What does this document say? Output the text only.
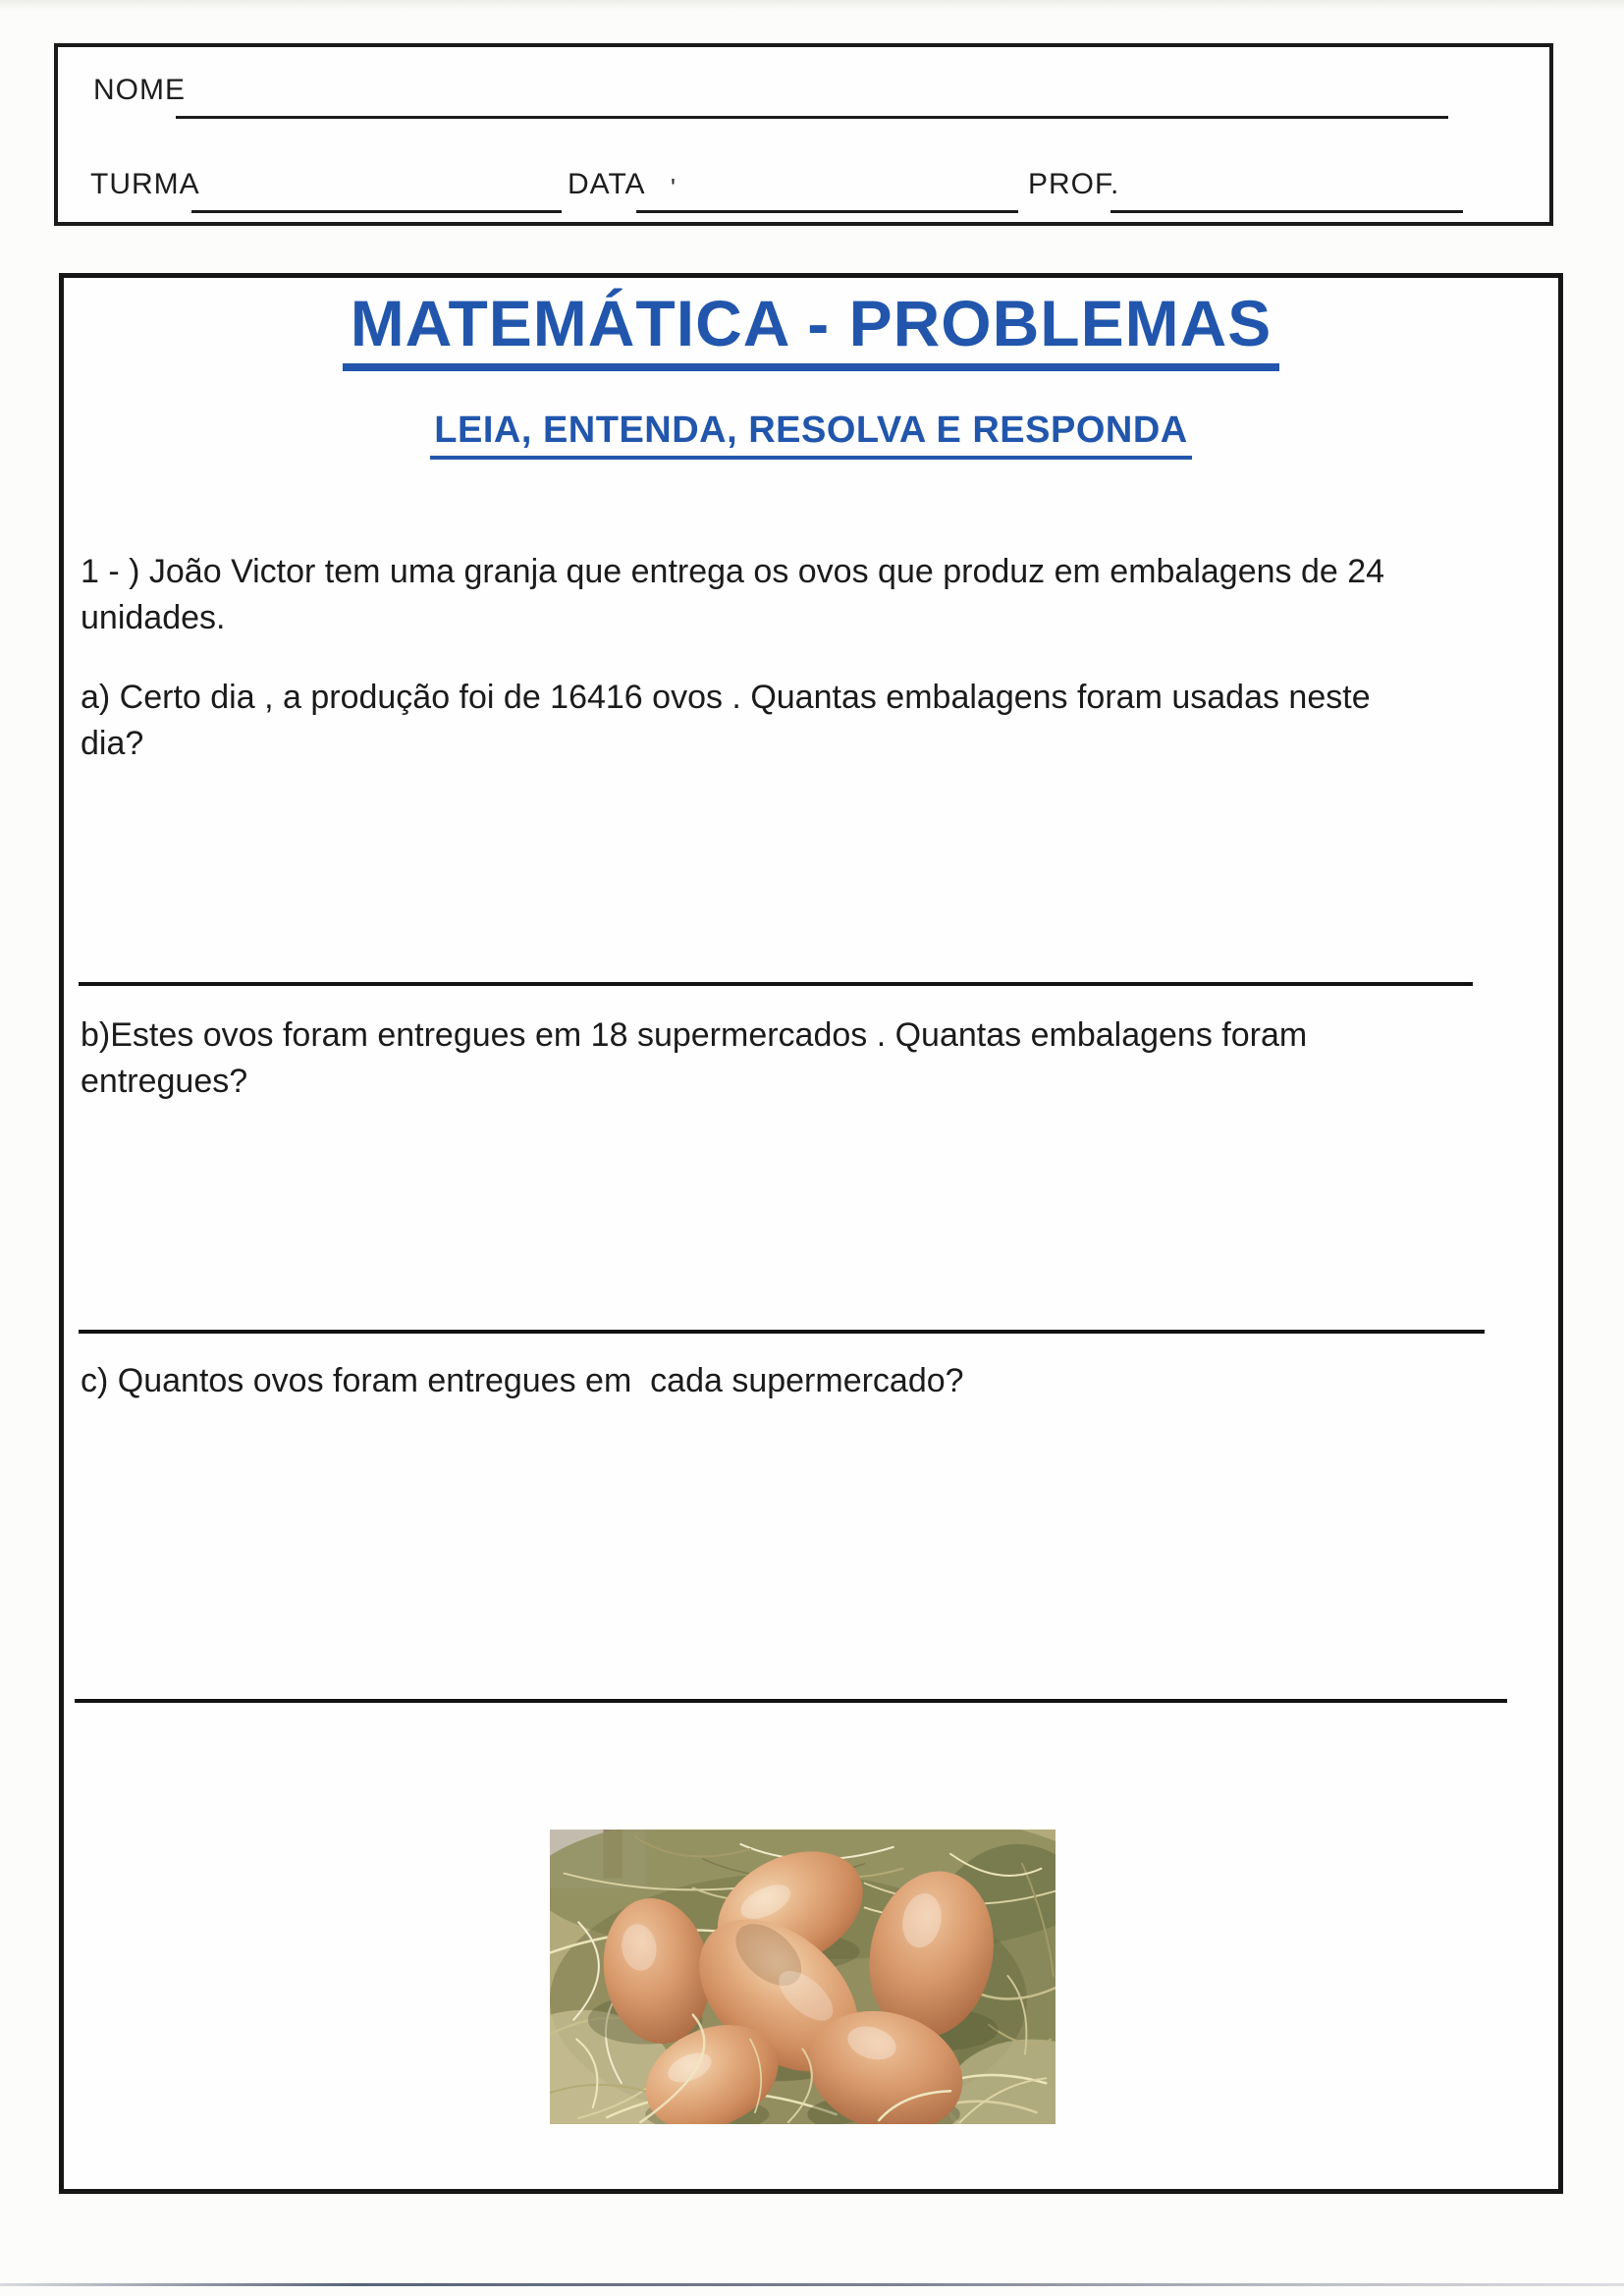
NOME
TURMA	DATA '	PROF.
MATEMÁTICA - PROBLEMAS
LEIA, ENTENDA, RESOLVA E RESPONDA
1 - ) João Victor tem uma granja que entrega os ovos que produz em embalagens de 24
unidades.
a) Certo dia , a produção foi de 16416 ovos . Quantas embalagens foram usadas neste
dia?
b)Estes ovos foram entregues em 18 supermercados . Quantas embalagens foram
entregues?
c) Quantos ovos foram entregues em  cada supermercado?
